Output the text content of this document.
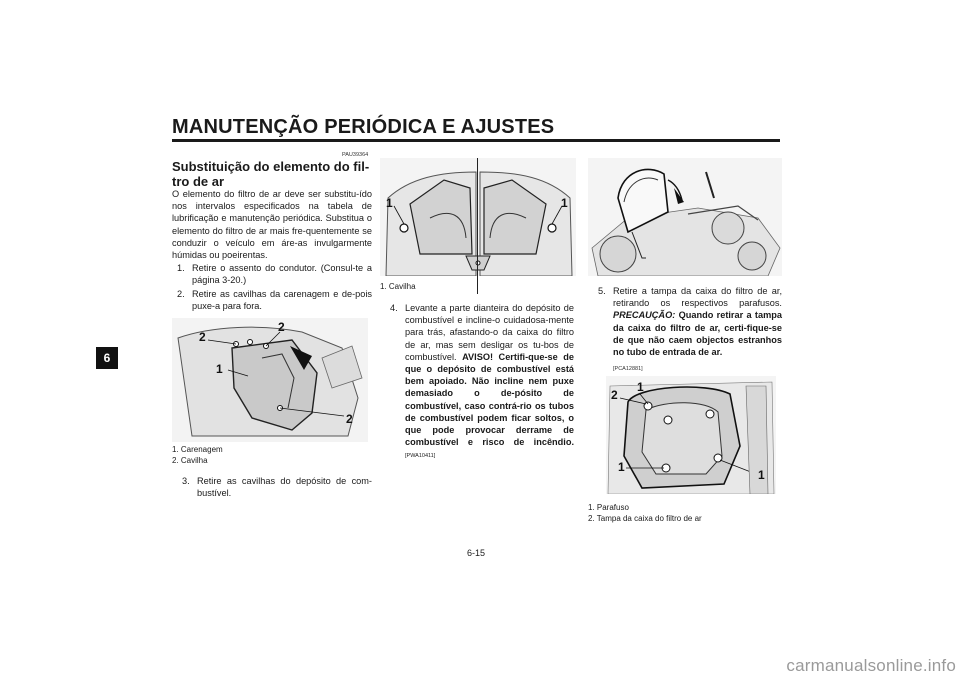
MANUTENÇÃO PERIÓDICA E AJUSTES
6
PAU39364
Substituição do elemento do fil-tro de ar
O elemento do filtro de ar deve ser substitu-ído nos intervalos especificados na tabela de lubrificação e manutenção periódica. Substitua o elemento do filtro de ar mais fre-quentemente se conduzir o veículo em áre-as invulgarmente húmidas ou poeirentas.
1. Retire o assento do condutor. (Consul-te a página 3-20.)
2. Retire as cavilhas da carenagem e de-pois puxe-a para fora.
2
2
1
2
1. Carenagem
2. Cavilha
3. Retire as cavilhas do depósito de com-bustível.
1	1
1. Cavilha
4. Levante a parte dianteira do depósito de combustível e incline-o cuidadosa-mente para trás, afastando-o da caixa do filtro de ar, mas sem desligar os tu-bos de combustível. AVISO! Certifi-que-se de que o depósito de combustível está bem apoiado. Não incline nem puxe demasiado o de-pósito de combustível, caso contrá-rio os tubos de combustível podem ficar soltos, o que pode provocar derrame de combustível e risco de incêndio. [PWA10411]
5. Retire a tampa da caixa do filtro de ar, retirando os respectivos parafusos. PRECAUÇÃO: Quando retirar a tampa da caixa do filtro de ar, certi-fique-se de que não caem objectos estranhos no tubo de entrada de ar.
[PCA12881]
2
1
1
1
1. Parafuso
2. Tampa da caixa do filtro de ar
6-15
carmanualsonline.info
